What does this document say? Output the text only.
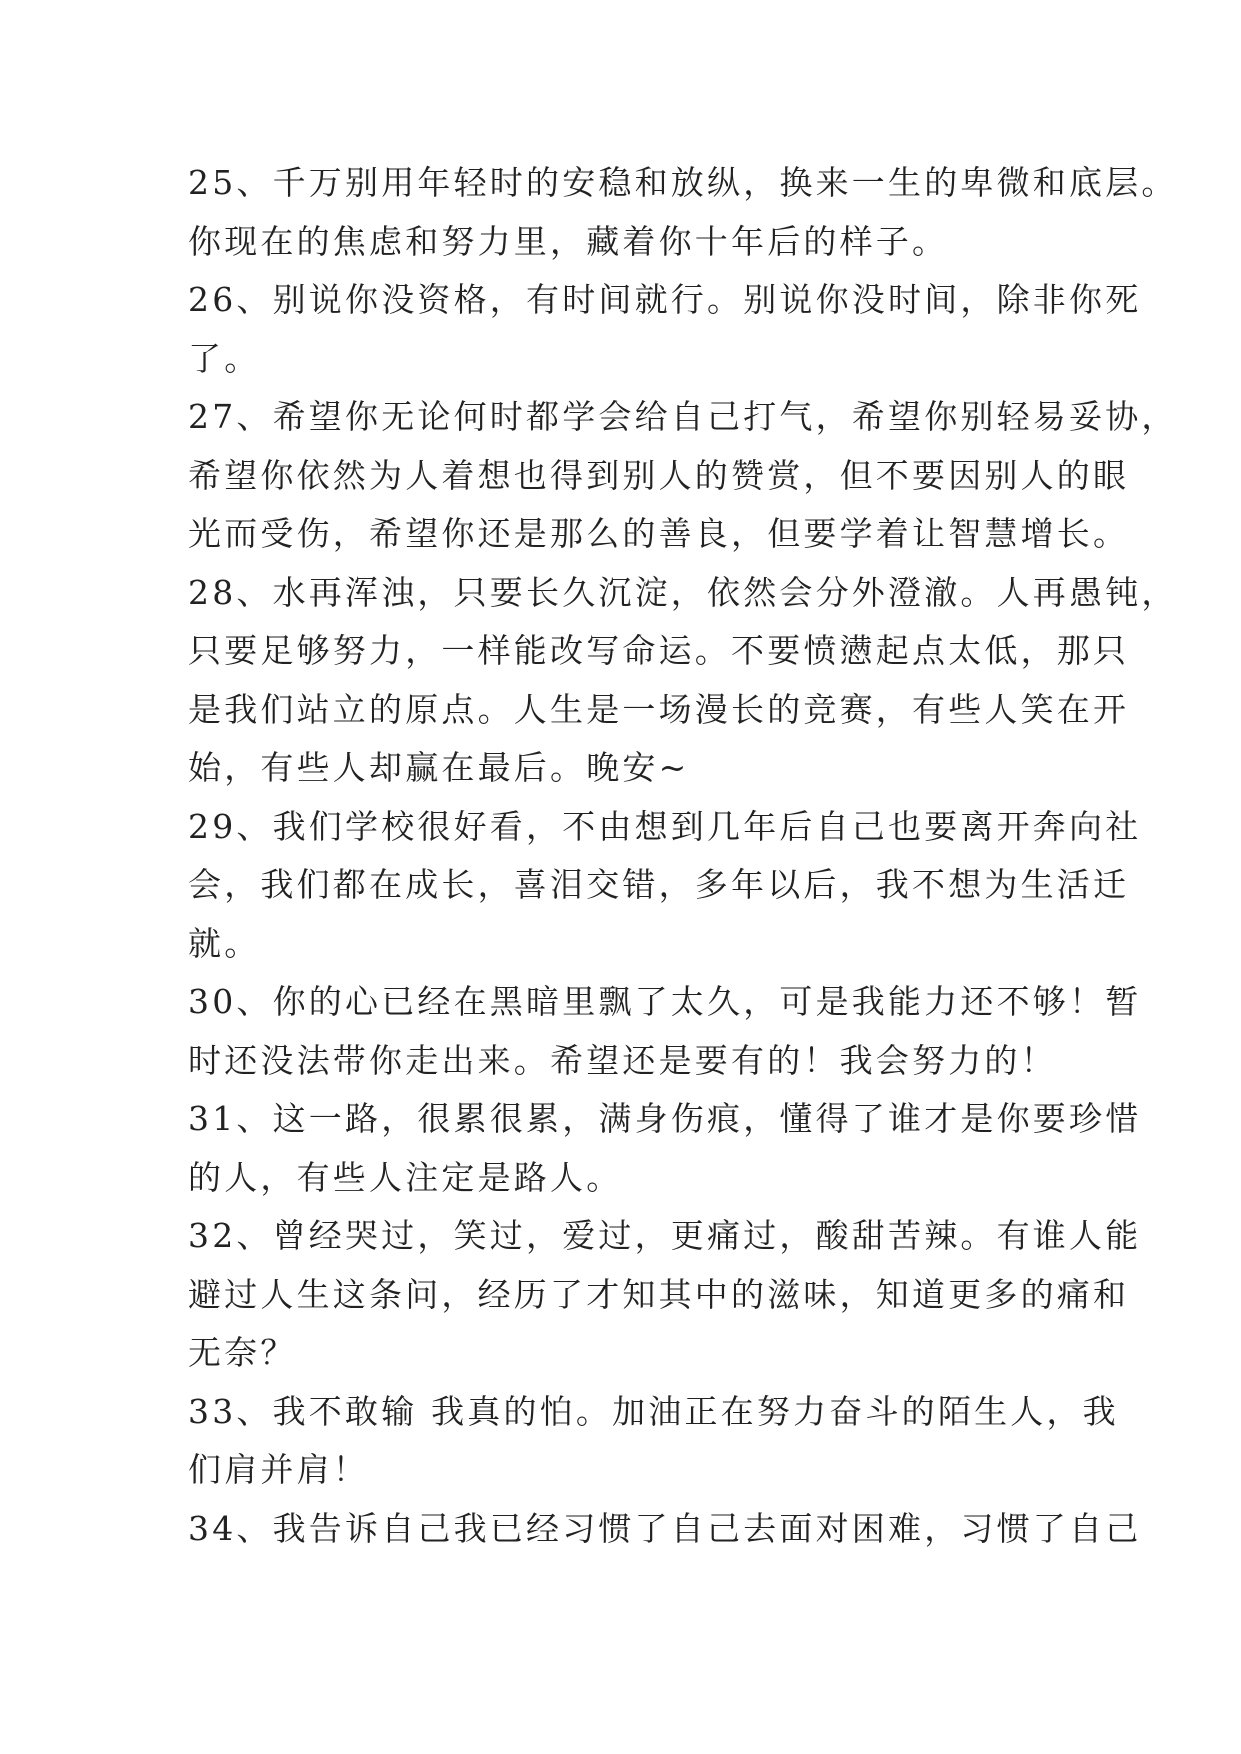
25、千万别用年轻时的安稳和放纵，换来一生的卑微和底层。
你现在的焦虑和努力里，藏着你十年后的样子。
26、别说你没资格，有时间就行。别说你没时间，除非你死
了。
27、希望你无论何时都学会给自己打气，希望你别轻易妥协，
希望你依然为人着想也得到别人的赞赏，但不要因别人的眼
光而受伤，希望你还是那么的善良，但要学着让智慧增长。
28、水再浑浊，只要长久沉淀，依然会分外澄澈。人再愚钝，
只要足够努力，一样能改写命运。不要愤懑起点太低，那只
是我们站立的原点。人生是一场漫长的竞赛，有些人笑在开
始，有些人却赢在最后。晚安~
29、我们学校很好看，不由想到几年后自己也要离开奔向社
会，我们都在成长，喜泪交错，多年以后，我不想为生活迁
就。
30、你的心已经在黑暗里飘了太久，可是我能力还不够！暂
时还没法带你走出来。希望还是要有的！我会努力的！
31、这一路，很累很累，满身伤痕，懂得了谁才是你要珍惜
的人，有些人注定是路人。
32、曾经哭过，笑过，爱过，更痛过，酸甜苦辣。有谁人能
避过人生这条问，经历了才知其中的滋味，知道更多的痛和
无奈？
33、我不敢输 我真的怕。加油正在努力奋斗的陌生人，我
们肩并肩！
34、我告诉自己我已经习惯了自己去面对困难，习惯了自己
